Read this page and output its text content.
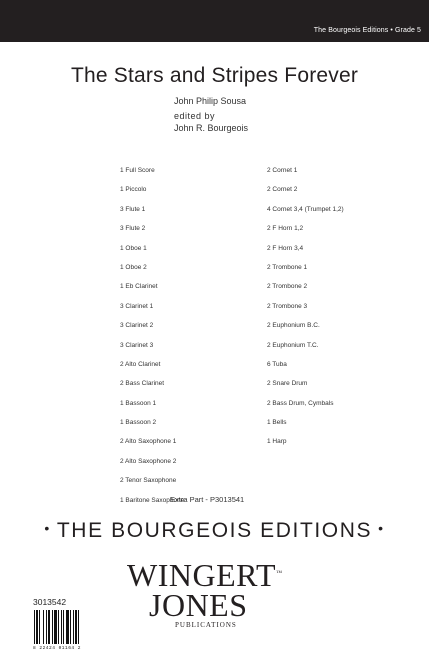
The Bourgeois Editions • Grade 5
The Stars and Stripes Forever
John Philip Sousa
edited by
John R. Bourgeois
1 Full Score
1 Piccolo
3 Flute 1
3 Flute 2
1 Oboe 1
1 Oboe 2
1 Eb Clarinet
3 Clarinet 1
3 Clarinet 2
3 Clarinet 3
2 Alto Clarinet
2 Bass Clarinet
1 Bassoon 1
1 Bassoon 2
2 Alto Saxophone 1
2 Alto Saxophone 2
2 Tenor Saxophone
1 Baritone Saxophone
2 Cornet 1
2 Cornet 2
4 Cornet 3,4 (Trumpet 1,2)
2 F Horn 1,2
2 F Horn 3,4
2 Trombone 1
2 Trombone 2
2 Trombone 3
2 Euphonium B.C.
2 Euphonium T.C.
6 Tuba
2 Snare Drum
2 Bass Drum, Cymbals
1 Bells
1 Harp
Extra Part - P3013541
• THE BOURGEOIS EDITIONS •
WINGERT™
JONES
PUBLICATIONS
3013542
8 22424 01164 2
